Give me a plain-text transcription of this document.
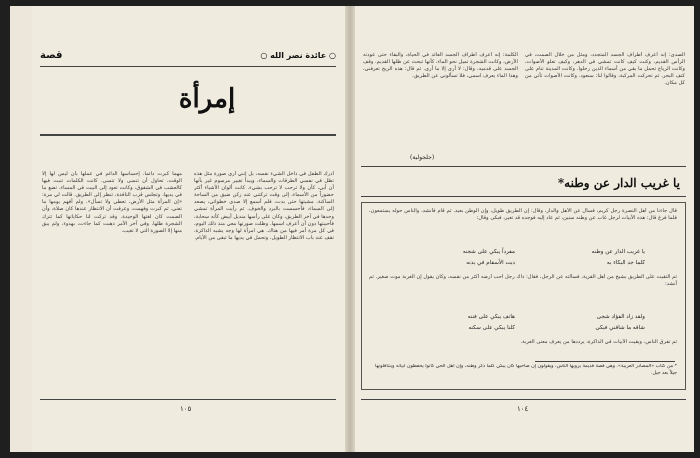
قصة	○ عائدة نصر الله ○
إمرأة
أدرك الطفل في داخل الشيء نفسه، بل إنني أرى صورة مثل هذه تظل في نفسي الطرقات والسماء، ويبدأ تغيير مرسوم غير بأنها أن أبي، كأن ولا ترحب لا ترحب بشيء. كانت ألوان الأشياء أكثر حضوراً من الأسماء، إلى وقت تركتني عند ركن ضيق من الساحة الساكنة. مشيتها حتى بدت، فلم أسمع إلا صدى خطواتي، يصعد إلى السماء، فأحسست بالبرد والخوف. ثم رأيت المرأة تمشي وحدها في آخر الطريق، وكان على رأسها منديل أبيض كأنه سحابة، فأحببتها دون أن أعرف اسمها. وظلت صورتها معي منذ ذلك اليوم، في كل مرة أمر فيها من هناك. هي امرأة لها وجه يشبه الذاكرة، تقف عند باب الانتظار الطويل، وتحمل في يديها ما تبقى من الأيام.
مهما كبرت دائماً. إحساسها الدائم في عملها بأن ليس لها إلا الوقت، تحاول أن تنسى ولا تنسى. كانت الكلمات تنبت فيها كالعشب في الشقوق، وكانت تعود إلى البيت في المساء، تضع ما في يديها، وتجلس قرب النافذة، تنظر إلى الطريق. قالت لي مرة: «إن المرأة مثل الأرض، تعطي ولا تسأل». ولم أفهم يومها ما تعني. ثم كبرت وفهمت، وعرفت أن الانتظار عندها كان صلاة، وأن الصمت كان لغتها الوحيدة. وقد تركت لنا حكاياتها كما تترك الشجرة ظلها. وفي آخر الأمر ذهبت كما جاءت، بهدوء، ولم يبق منها إلا الصورة التي لا تغيب.
١٠٥
الصدى: إنه أعرف أطراف الجسد المتجدد، ومثل من خلال الصمت، في الرأس القديم، وكنت كيف كانت تمشي في الدهر، وكيف تعلو الأصوات، وكانت الرياح تحمل ما بقي من أسماء الذين رحلوا. وكانت المدينة تنام على كتف البحر. ثم تحركت المركبة، وقالوا لنا: سنعود. وكانت الأصوات تأتي من كل مكان.
الكلمة: إنه أعرف أطراف الجسد العائد في الحياة، والبقاء حتى عودته الأرض، وكانت الشجرة تميل نحو الماء، كأنها تبحث عن ظلها القديم. وقف الجسد على قدميه، وقال: لا أرى إلا ما أرى. ثم قال: هذه الريح تعرفني، وهذا الماء يعرف اسمي، فلا تسألوني عن الطريق.
(جلجولية)
يا غريب الدار عن وطنه*
قال جاءنا من أهل النصرة رجل كريم، فسأل عن الأهل والدار، وقال: إن الطريق طويل، وإن الوطن بعيد. ثم قام فأنشد، والناس حوله يستمعون، فلما فرغ قال: هذه الأبيات لرجل غاب عن وطنه سنين، ثم عاد إليه فوجده قد تغير، فبكى وقال:
يا غريب الدار عن وطنه
مفرداً يبكي على شجنه
كلما جد البكاء به
دبت الأسقام في بدنه
ثم التقيت على الطريق بشيخ من أهل القرية، فسألته عن الرجل، فقال: ذاك رجل أحب أرضه أكثر من نفسه، وكان يقول إن الغربة موت صغير. ثم أنشد:
ولقد زاد الفؤاد شجى
هاتف يبكي على فننه
شاقه ما شاقني فبكى
كلنا يبكي على سكنه
ثم تفرق الناس، وبقيت الأبيات في الذاكرة، يرددها من يعرف معنى الغربة.
* من كتاب «المصادر العربية». وهي قصة قديمة يرويها الناس، ويقولون إن صاحبها كان يبكي كلما ذكر وطنه، وإن أهل الحي كانوا يحفظون أبياته ويتناقلونها جيلاً بعد جيل.
١٠٤
